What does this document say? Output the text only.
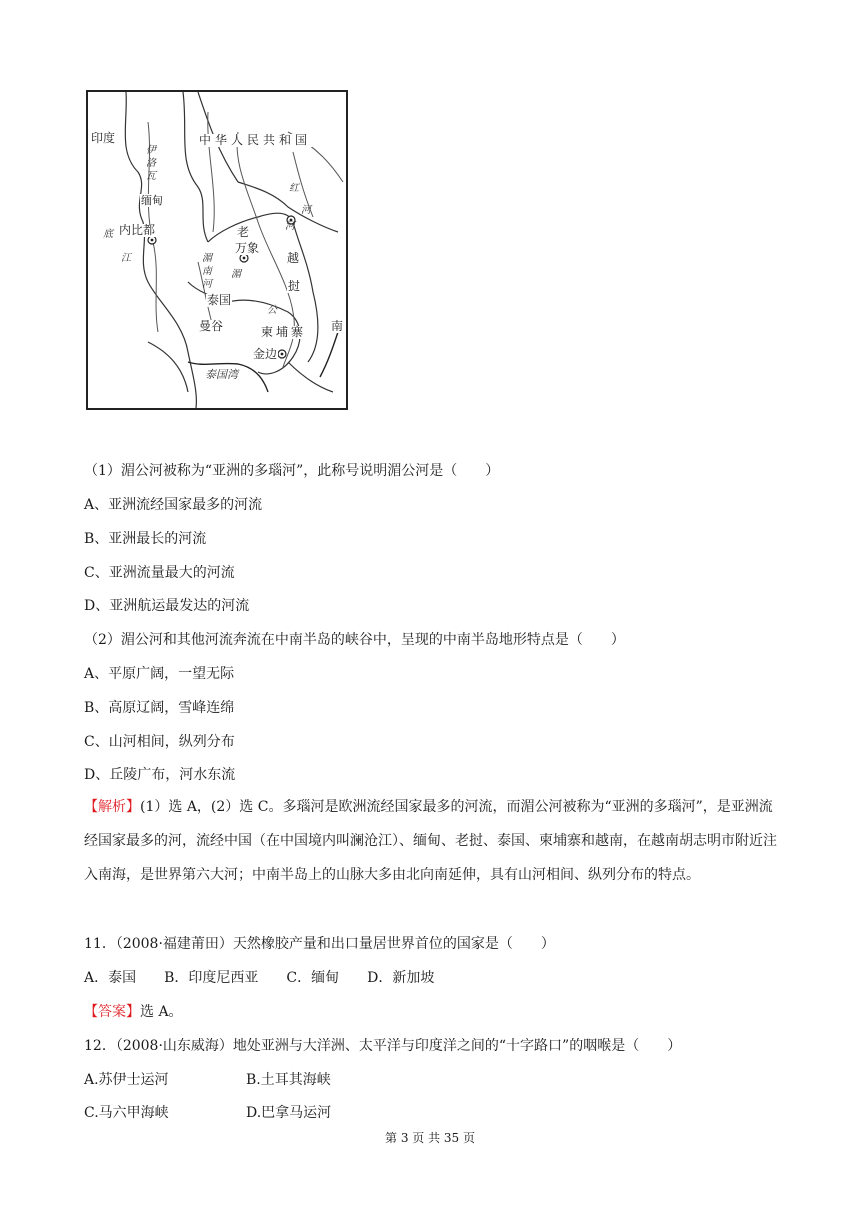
印度	中华人民共和国
缅甸
内比都	老
挝
万象
泰国
曼谷	柬埔寨
金边
越
南
泰国湾
伊洛瓦
底
江
湄
公
河
红
河
湄南河
（1）湄公河被称为“亚洲的多瑙河”，此称号说明湄公河是（　　）
A、亚洲流经国家最多的河流
B、亚洲最长的河流
C、亚洲流量最大的河流
D、亚洲航运最发达的河流
（2）湄公河和其他河流奔流在中南半岛的峡谷中，呈现的中南半岛地形特点是（　　）
A、平原广阔，一望无际
B、高原辽阔，雪峰连绵
C、山河相间，纵列分布
D、丘陵广布，河水东流
【解析】(1）选 A，(2）选 C。多瑙河是欧洲流经国家最多的河流，而湄公河被称为“亚洲的多瑙河”，是亚洲流经国家最多的河，流经中国（在中国境内叫澜沧江）、缅甸、老挝、泰国、柬埔寨和越南，在越南胡志明市附近注入南海，是世界第六大河；中南半岛上的山脉大多由北向南延伸，具有山河相间、纵列分布的特点。
11．（2008·福建莆田）天然橡胶产量和出口量居世界首位的国家是（　　）
A．泰国　　B．印度尼西亚　　C．缅甸　　D．新加坡
【答案】选 A。
12．（2008·山东威海）地处亚洲与大洋洲、太平洋与印度洋之间的“十字路口”的咽喉是（　　）
A.苏伊士运河	B.土耳其海峡
C.马六甲海峡	D.巴拿马运河
第 3 页 共 35 页
